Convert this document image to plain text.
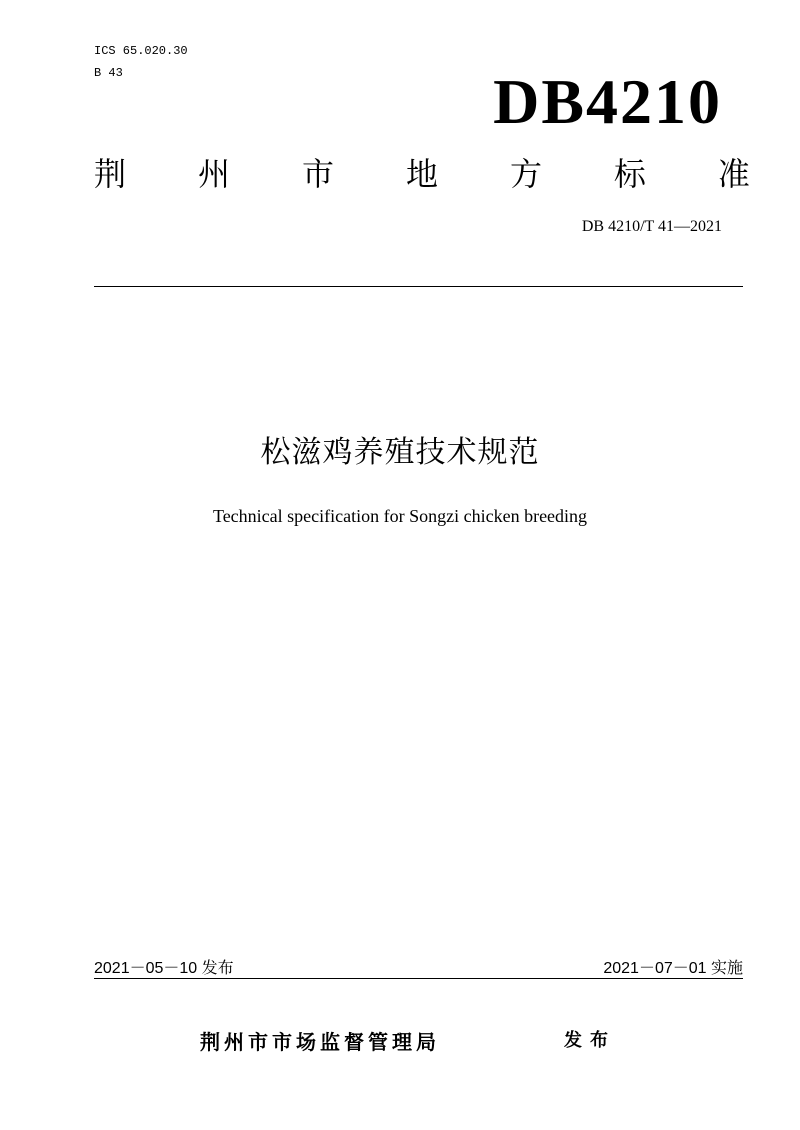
ICS 65.020.30
B 43	DB4210
荆 州 市 地 方 标 准
DB 4210/T 41—2021
松滋鸡养殖技术规范
Technical specification for Songzi chicken breeding
2021－05－10 发布	2021－07－01 实施
荆州市市场监督管理局	发布
